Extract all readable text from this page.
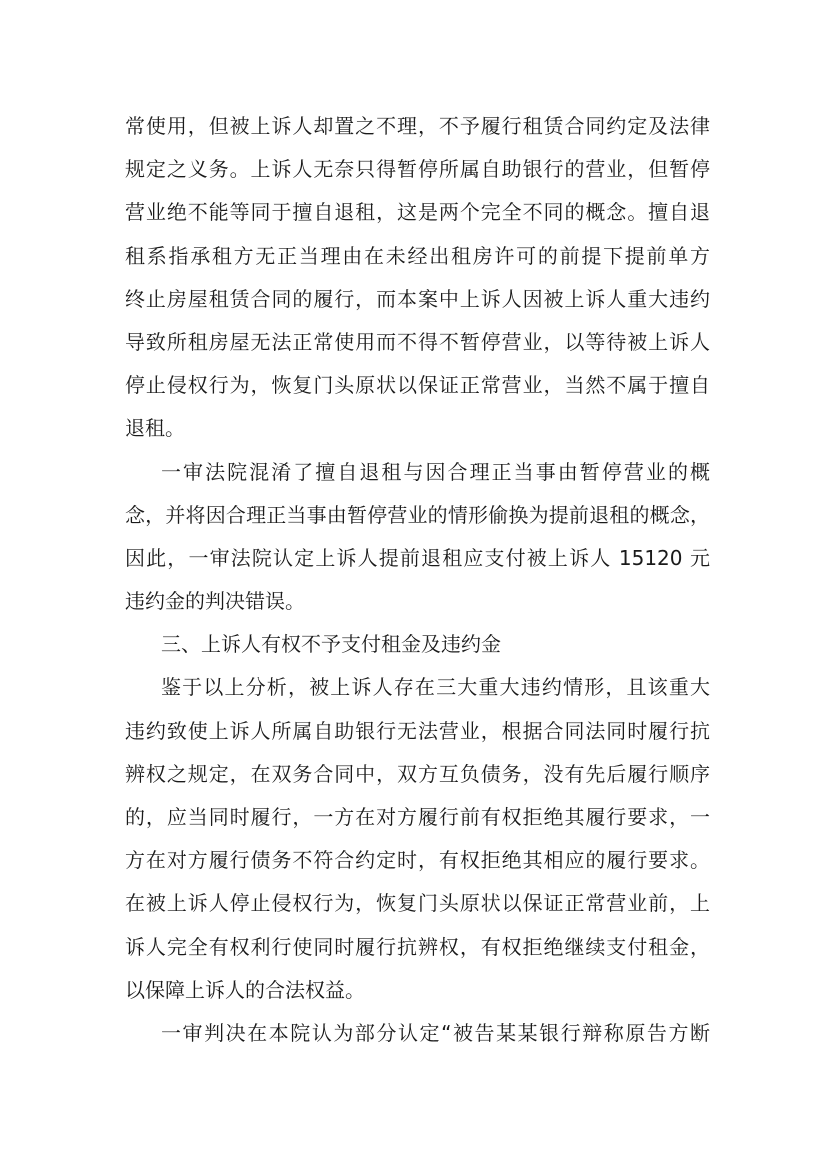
常使用，但被上诉人却置之不理，不予履行租赁合同约定及法律
规定之义务。上诉人无奈只得暂停所属自助银行的营业，但暂停
营业绝不能等同于擅自退租，这是两个完全不同的概念。擅自退
租系指承租方无正当理由在未经出租房许可的前提下提前单方
终止房屋租赁合同的履行，而本案中上诉人因被上诉人重大违约
导致所租房屋无法正常使用而不得不暂停营业，以等待被上诉人
停止侵权行为，恢复门头原状以保证正常营业，当然不属于擅自
退租。
一审法院混淆了擅自退租与因合理正当事由暂停营业的概
念，并将因合理正当事由暂停营业的情形偷换为提前退租的概念，
因此，一审法院认定上诉人提前退租应支付被上诉人 15120 元
违约金的判决错误。
三、上诉人有权不予支付租金及违约金
鉴于以上分析，被上诉人存在三大重大违约情形，且该重大
违约致使上诉人所属自助银行无法营业，根据合同法同时履行抗
辨权之规定，在双务合同中，双方互负债务，没有先后履行顺序
的，应当同时履行，一方在对方履行前有权拒绝其履行要求，一
方在对方履行债务不符合约定时，有权拒绝其相应的履行要求。
在被上诉人停止侵权行为，恢复门头原状以保证正常营业前，上
诉人完全有权利行使同时履行抗辨权，有权拒绝继续支付租金，
以保障上诉人的合法权益。
一审判决在本院认为部分认定“被告某某银行辩称原告方断
